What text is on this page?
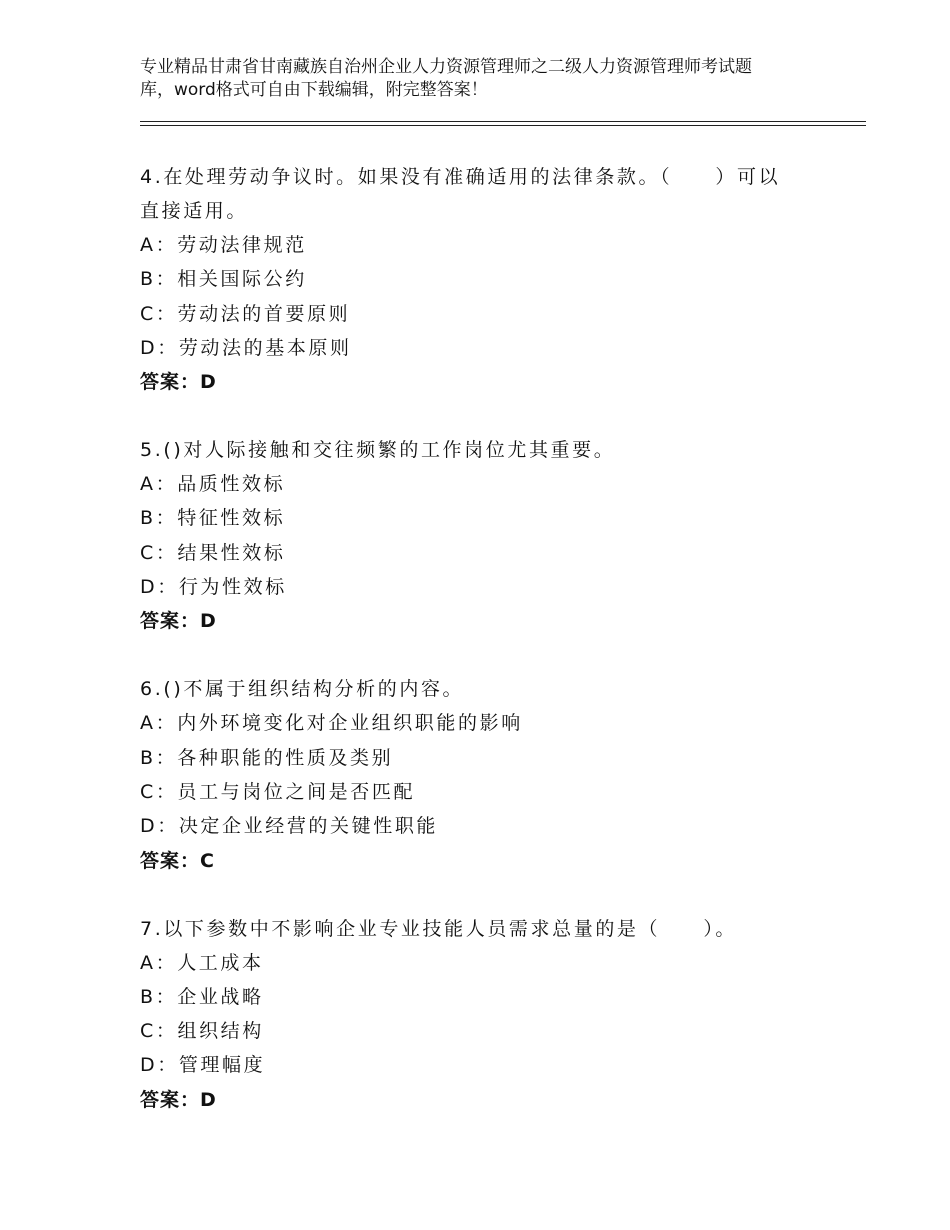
专业精品甘肃省甘南藏族自治州企业人力资源管理师之二级人力资源管理师考试题
库，word格式可自由下载编辑，附完整答案！
4.在处理劳动争议时。如果没有准确适用的法律条款。（　　）可以
直接适用。
A：劳动法律规范
B：相关国际公约
C：劳动法的首要原则
D：劳动法的基本原则
答案：D
5.()对人际接触和交往频繁的工作岗位尤其重要。
A：品质性效标
B：特征性效标
C：结果性效标
D：行为性效标
答案：D
6.()不属于组织结构分析的内容。
A：内外环境变化对企业组织职能的影响
B：各种职能的性质及类别
C：员工与岗位之间是否匹配
D：决定企业经营的关键性职能
答案：C
7.以下参数中不影响企业专业技能人员需求总量的是（　　）。
A：人工成本
B：企业战略
C：组织结构
D：管理幅度
答案：D
